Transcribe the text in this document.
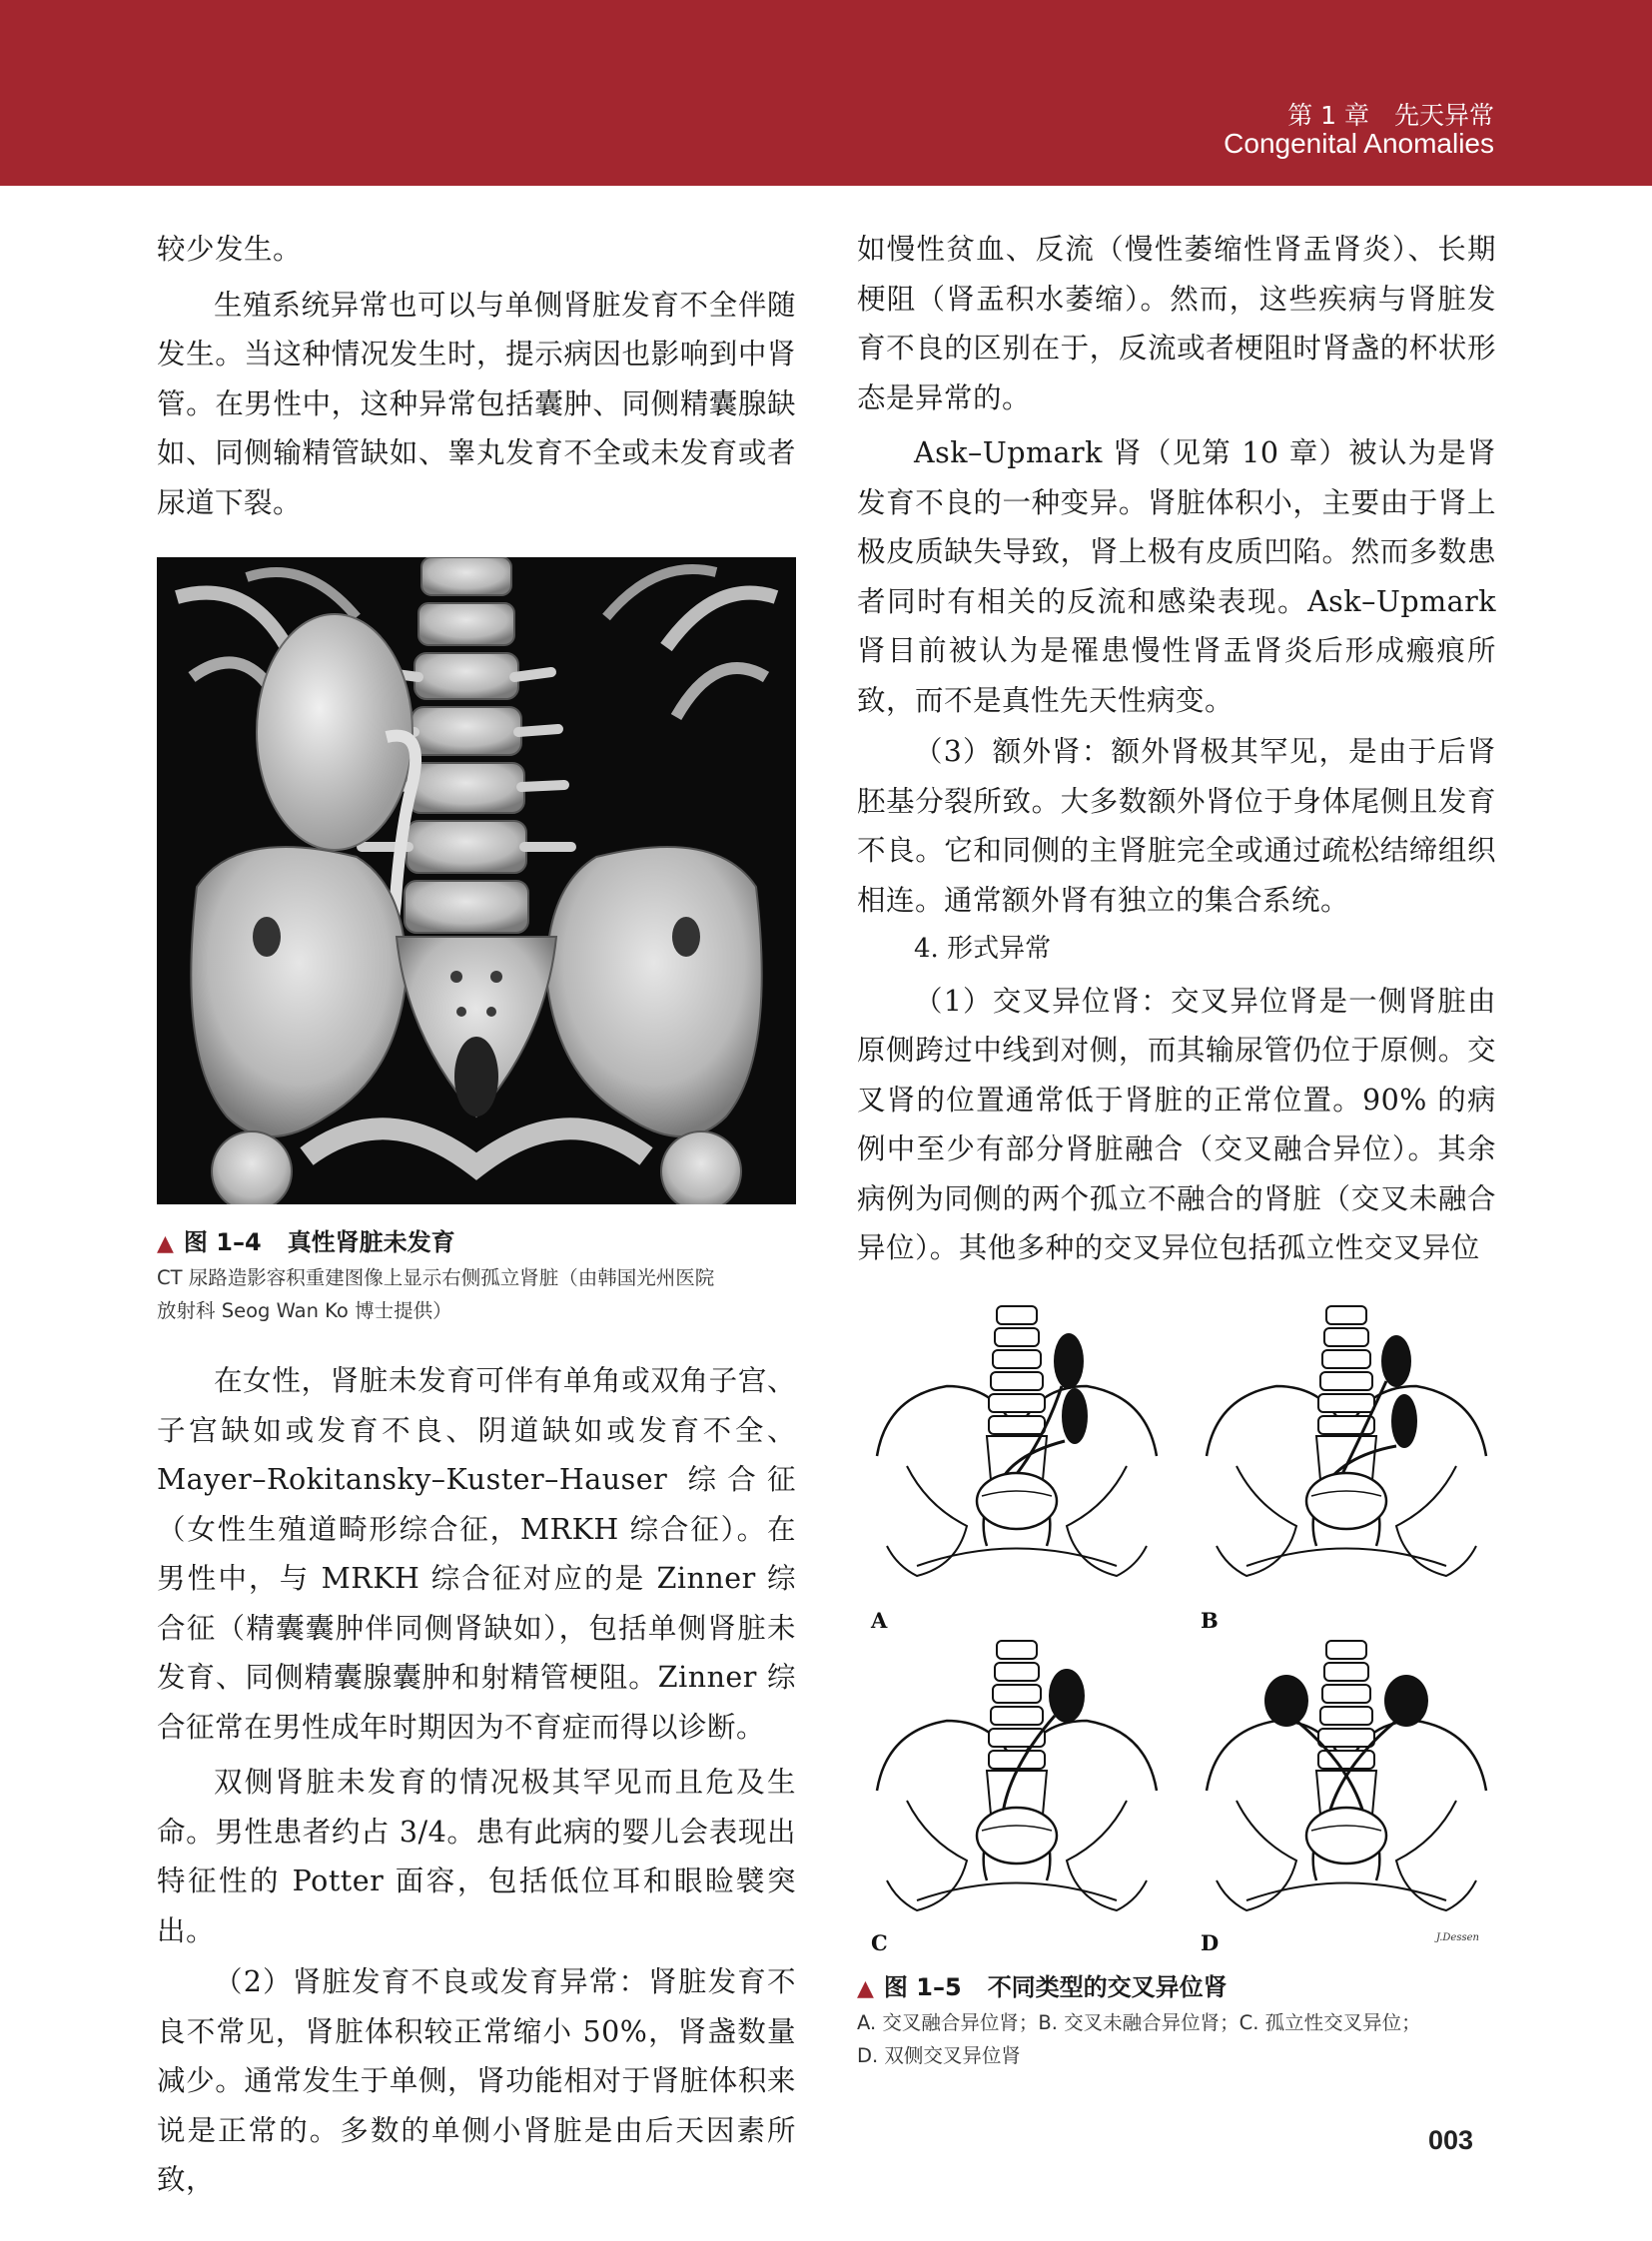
第 1 章　先天异常
Congenital Anomalies

较少发生。

生殖系统异常也可以与单侧肾脏发育不全伴随发生。当这种情况发生时，提示病因也影响到中肾管。在男性中，这种异常包括囊肿、同侧精囊腺缺如、同侧输精管缺如、睾丸发育不全或未发育或者尿道下裂。

▲ 图 1–4 真性肾脏未发育
CT 尿路造影容积重建图像上显示右侧孤立肾脏（由韩国光州医院
放射科 Seog Wan Ko 博士提供）

在女性，肾脏未发育可伴有单角或双角子宫、子宫缺如或发育不良、阴道缺如或发育不全、Mayer–Rokitansky–Kuster–Hauser 综合征（女性生殖道畸形综合征，MRKH 综合征）。在男性中，与 MRKH 综合征对应的是 Zinner 综合征（精囊囊肿伴同侧肾缺如），包括单侧肾脏未发育、同侧精囊腺囊肿和射精管梗阻。Zinner 综合征常在男性成年时期因为不育症而得以诊断。

双侧肾脏未发育的情况极其罕见而且危及生命。男性患者约占 3/4。患有此病的婴儿会表现出特征性的 Potter 面容，包括低位耳和眼睑襞突出。

（2）肾脏发育不良或发育异常：肾脏发育不良不常见，肾脏体积较正常缩小 50%，肾盏数量减少。通常发生于单侧，肾功能相对于肾脏体积来说是正常的。多数的单侧小肾脏是由后天因素所致，

如慢性贫血、反流（慢性萎缩性肾盂肾炎）、长期梗阻（肾盂积水萎缩）。然而，这些疾病与肾脏发育不良的区别在于，反流或者梗阻时肾盏的杯状形态是异常的。

Ask–Upmark 肾（见第 10 章）被认为是肾发育不良的一种变异。肾脏体积小，主要由于肾上极皮质缺失导致，肾上极有皮质凹陷。然而多数患者同时有相关的反流和感染表现。Ask–Upmark 肾目前被认为是罹患慢性肾盂肾炎后形成瘢痕所致，而不是真性先天性病变。

（3）额外肾：额外肾极其罕见，是由于后肾胚基分裂所致。大多数额外肾位于身体尾侧且发育不良。它和同侧的主肾脏完全或通过疏松结缔组织相连。通常额外肾有独立的集合系统。

4. 形式异常

（1）交叉异位肾：交叉异位肾是一侧肾脏由原侧跨过中线到对侧，而其输尿管仍位于原侧。交叉肾的位置通常低于肾脏的正常位置。90% 的病例中至少有部分肾脏融合（交叉融合异位）。其余病例为同侧的两个孤立不融合的肾脏（交叉未融合异位）。其他多种的交叉异位包括孤立性交叉异位

A	B
C	J.Dessen
D
▲ 图 1–5 不同类型的交叉异位肾
A. 交叉融合异位肾；B. 交叉未融合异位肾；C. 孤立性交叉异位；
D. 双侧交叉异位肾
003
